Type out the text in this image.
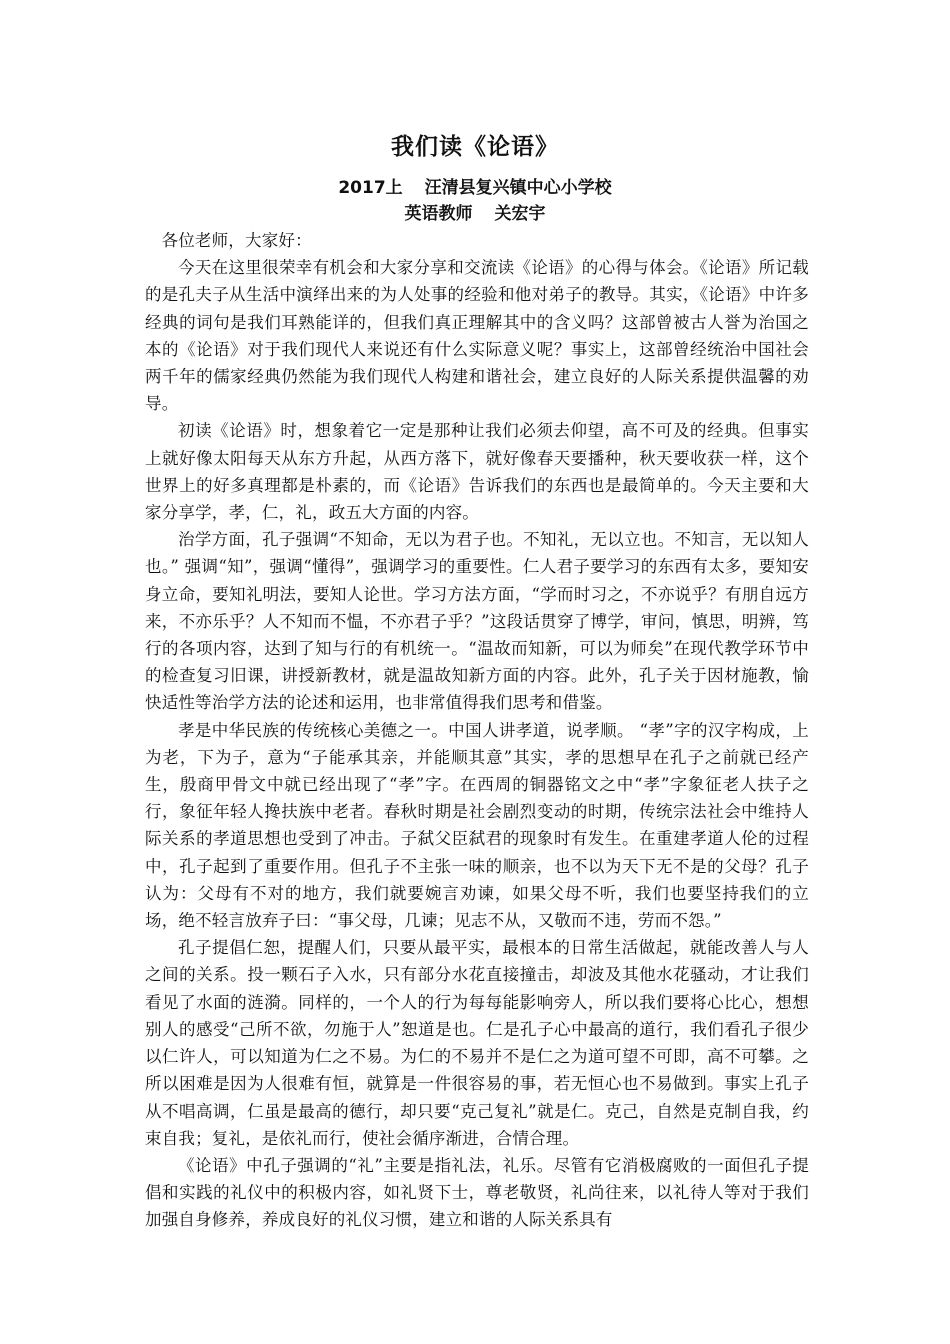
我们读《论语》
2017上 汪清县复兴镇中心小学校
英语教师 关宏宇

各位老师，大家好：

今天在这里很荣幸有机会和大家分享和交流读《论语》的心得与体会。《论语》所记载的是孔夫子从生活中演绎出来的为人处事的经验和他对弟子的教导。其实，《论语》中许多经典的词句是我们耳熟能详的，但我们真正理解其中的含义吗？这部曾被古人誉为治国之本的《论语》对于我们现代人来说还有什么实际意义呢？事实上，这部曾经统治中国社会两千年的儒家经典仍然能为我们现代人构建和谐社会，建立良好的人际关系提供温馨的劝导。

初读《论语》时，想象着它一定是那种让我们必须去仰望，高不可及的经典。但事实上就好像太阳每天从东方升起，从西方落下，就好像春天要播种，秋天要收获一样，这个世界上的好多真理都是朴素的，而《论语》告诉我们的东西也是最简单的。今天主要和大家分享学，孝，仁，礼，政五大方面的内容。

治学方面，孔子强调“不知命，无以为君子也。不知礼，无以立也。不知言，无以知人也。” 强调“知”，强调“懂得”，强调学习的重要性。仁人君子要学习的东西有太多，要知安身立命，要知礼明法，要知人论世。学习方法方面，“学而时习之，不亦说乎？有朋自远方来，不亦乐乎？人不知而不愠，不亦君子乎？”这段话贯穿了博学，审问，慎思，明辨，笃行的各项内容，达到了知与行的有机统一。“温故而知新，可以为师矣”在现代教学环节中的检查复习旧课，讲授新教材，就是温故知新方面的内容。此外，孔子关于因材施教，愉快适性等治学方法的论述和运用，也非常值得我们思考和借鉴。

孝是中华民族的传统核心美德之一。中国人讲孝道，说孝顺。 “孝”字的汉字构成，上为老，下为子，意为“子能承其亲，并能顺其意”其实，孝的思想早在孔子之前就已经产生，殷商甲骨文中就已经出现了“孝”字。在西周的铜器铭文之中“孝”字象征老人扶子之行，象征年轻人搀扶族中老者。春秋时期是社会剧烈变动的时期，传统宗法社会中维持人际关系的孝道思想也受到了冲击。子弑父臣弑君的现象时有发生。在重建孝道人伦的过程中，孔子起到了重要作用。但孔子不主张一味的顺亲，也不以为天下无不是的父母？孔子认为：父母有不对的地方，我们就要婉言劝谏，如果父母不听，我们也要坚持我们的立场，绝不轻言放弃子曰：“事父母，几谏；见志不从，又敬而不违，劳而不怨。”

孔子提倡仁恕，提醒人们，只要从最平实，最根本的日常生活做起，就能改善人与人之间的关系。投一颗石子入水，只有部分水花直接撞击，却波及其他水花骚动，才让我们看见了水面的涟漪。同样的，一个人的行为每每能影响旁人，所以我们要将心比心，想想别人的感受“己所不欲，勿施于人”恕道是也。仁是孔子心中最高的道行，我们看孔子很少以仁许人，可以知道为仁之不易。为仁的不易并不是仁之为道可望不可即，高不可攀。之所以困难是因为人很难有恒，就算是一件很容易的事，若无恒心也不易做到。事实上孔子从不唱高调，仁虽是最高的德行，却只要“克己复礼”就是仁。克己，自然是克制自我，约束自我；复礼，是依礼而行，使社会循序渐进，合情合理。

《论语》中孔子强调的“礼”主要是指礼法，礼乐。尽管有它消极腐败的一面但孔子提倡和实践的礼仪中的积极内容，如礼贤下士，尊老敬贤，礼尚往来，以礼待人等对于我们加强自身修养，养成良好的礼仪习惯，建立和谐的人际关系具有
